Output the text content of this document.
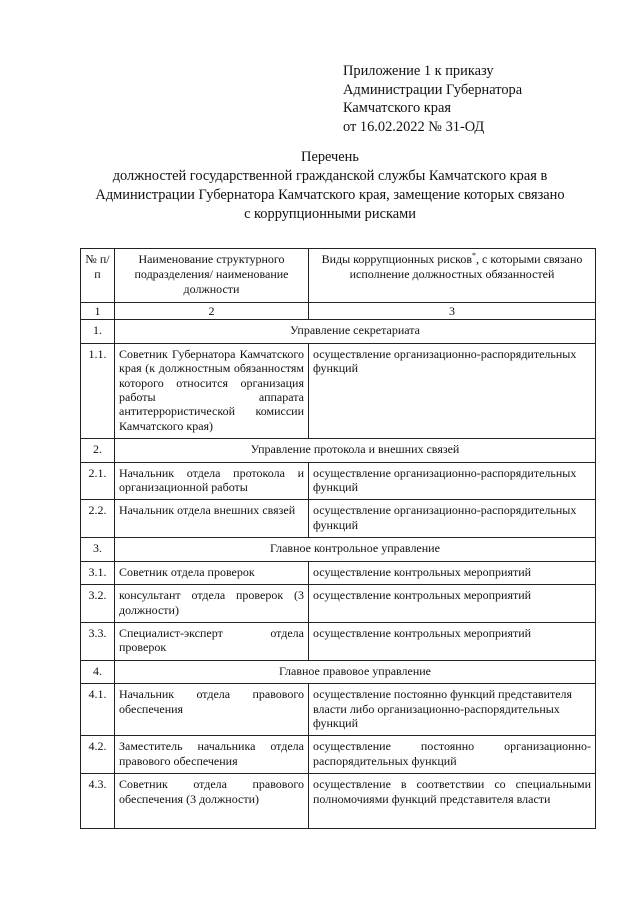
Приложение 1 к приказу
Администрации Губернатора
Камчатского края
от 16.02.2022 № 31-ОД
Перечень
должностей государственной гражданской службы Камчатского края в
Администрации Губернатора Камчатского края, замещение которых связано
с коррупционными рисками
№ п/п	Наименование структурного подразделения/ наименование должности	Виды коррупционных рисков*, с которыми связано исполнение должностных обязанностей
1	2	3
1.	Управление секретариата	
1.1.	Советник Губернатора Камчатского края (к должностным обязанностям которого относится организация работы аппарата антитеррористической комиссии Камчатского края)	осуществление организационно-распорядительных функций
2.	Управление протокола и внешних связей	
2.1.	Начальник отдела протокола и организационной работы	осуществление организационно-распорядительных функций
2.2.	Начальник отдела внешних связей	осуществление организационно-распорядительных функций
3.	Главное контрольное управление	
3.1.	Советник отдела проверок	осуществление контрольных мероприятий
3.2.	консультант отдела проверок (3 должности)	осуществление контрольных мероприятий
3.3.	Специалист-эксперт отдела проверок	осуществление контрольных мероприятий
4.	Главное правовое управление	
4.1.	Начальник отдела правового обеспечения	осуществление постоянно функций представителя власти либо организационно-распорядительных функций
4.2.	Заместитель начальника отдела правового обеспечения	осуществление постоянно организационно-распорядительных функций
4.3.	Советник отдела правового обеспечения (3 должности)	осуществление в соответствии со специальными полномочиями функций представителя власти
